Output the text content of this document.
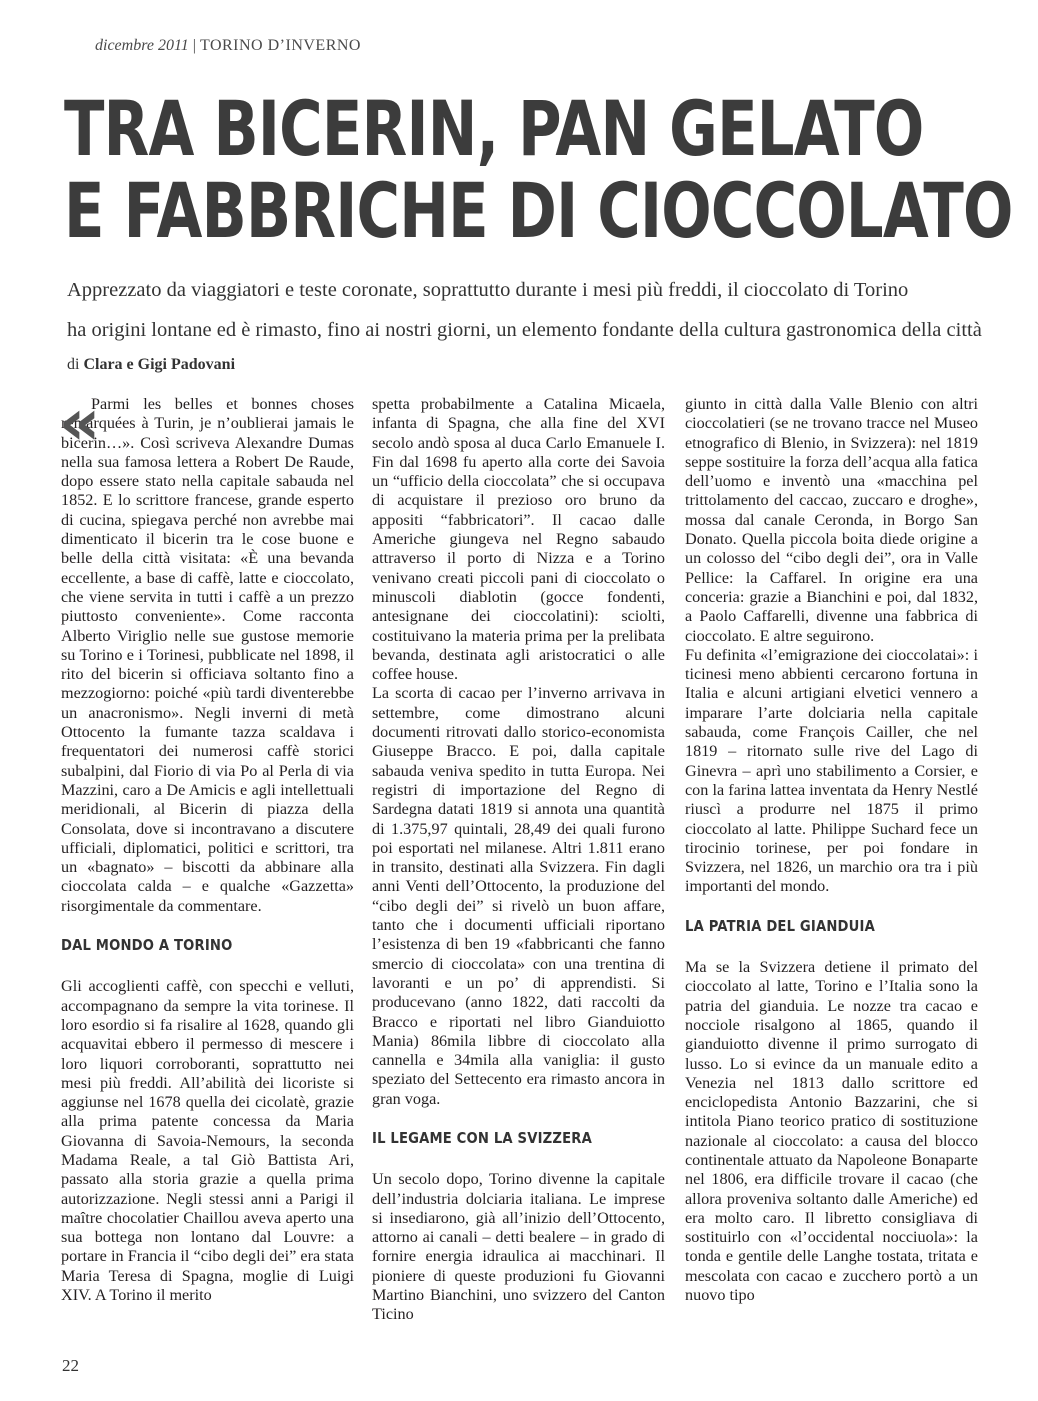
dicembre 2011 | TORINO D’INVERNO
TRA BICERIN, PAN GELATO
E FABBRICHE DI CIOCCOLATO
Apprezzato da viaggiatori e teste coronate, soprattutto durante i mesi più freddi, il cioccolato di Torino
ha origini lontane ed è rimasto, fino ai nostri giorni, un elemento fondante della cultura gastronomica della città
di Clara e Gigi Padovani
« Parmi les belles et bonnes choses remarquées à Turin, je n’oublierai jamais le bicerin…». Così scriveva Alexandre Dumas nella sua famosa lettera a Robert De Raude, dopo essere stato nella capitale sabauda nel 1852. E lo scrittore francese, grande esperto di cucina, spiegava perché non avrebbe mai dimenticato il bicerin tra le cose buone e belle della città visitata: «È una bevanda eccellente, a base di caffè, latte e cioccolato, che viene servita in tutti i caffè a un prezzo piuttosto conveniente». Come racconta Alberto Viriglio nelle sue gustose memorie su Torino e i Torinesi, pubblicate nel 1898, il rito del bicerin si officiava soltanto fino a mezzogiorno: poiché «più tardi diventerebbe un anacronismo». Negli inverni di metà Ottocento la fumante tazza scaldava i frequentatori dei numerosi caffè storici subalpini, dal Fiorio di via Po al Perla di via Mazzini, caro a De Amicis e agli intellettuali meridionali, al Bicerin di piazza della Consolata, dove si incontravano a discutere ufficiali, diplomatici, politici e scrittori, tra un «bagnato» – biscotti da abbinare alla cioccolata calda – e qualche «Gazzetta» risorgimentale da commentare.

DAL MONDO A TORINO

Gli accoglienti caffè, con specchi e velluti, accompagnano da sempre la vita torinese. Il loro esordio si fa risalire al 1628, quando gli acquavitai ebbero il permesso di mescere i loro liquori corroboranti, soprattutto nei mesi più freddi. All’abilità dei licoriste si aggiunse nel 1678 quella dei cicolatè, grazie alla prima patente concessa da Maria Giovanna di Savoia-Nemours, la seconda Madama Reale, a tal Giò Battista Ari, passato alla storia grazie a quella prima autorizzazione. Negli stessi anni a Parigi il maître chocolatier Chaillou aveva aperto una sua bottega non lontano dal Louvre: a portare in Francia il “cibo degli dei” era stata Maria Teresa di Spagna, moglie di Luigi XIV. A Torino il merito

spetta probabilmente a Catalina Micaela, infanta di Spagna, che alla fine del XVI secolo andò sposa al duca Carlo Emanuele I. Fin dal 1698 fu aperto alla corte dei Savoia un “ufficio della cioccolata” che si occupava di acquistare il prezioso oro bruno da appositi “fabbricatori”. Il cacao dalle Americhe giungeva nel Regno sabaudo attraverso il porto di Nizza e a Torino venivano creati piccoli pani di cioccolato o minuscoli diablotin (gocce fondenti, antesignane dei cioccolatini): sciolti, costituivano la materia prima per la prelibata bevanda, destinata agli aristocratici o alle coffee house.

La scorta di cacao per l’inverno arrivava in settembre, come dimostrano alcuni documenti ritrovati dallo storico-economista Giuseppe Bracco. E poi, dalla capitale sabauda veniva spedito in tutta Europa. Nei registri di importazione del Regno di Sardegna datati 1819 si annota una quantità di 1.375,97 quintali, 28,49 dei quali furono poi esportati nel milanese. Altri 1.811 erano in transito, destinati alla Svizzera. Fin dagli anni Venti dell’Ottocento, la produzione del “cibo degli dei” si rivelò un buon affare, tanto che i documenti ufficiali riportano l’esistenza di ben 19 «fabbricanti che fanno smercio di cioccolata» con una trentina di lavoranti e un po’ di apprendisti. Si producevano (anno 1822, dati raccolti da Bracco e riportati nel libro Gianduiotto Mania) 86mila libbre di cioccolato alla cannella e 34mila alla vaniglia: il gusto speziato del Settecento era rimasto ancora in gran voga.

IL LEGAME CON LA SVIZZERA

Un secolo dopo, Torino divenne la capitale dell’industria dolciaria italiana. Le imprese si insediarono, già all’inizio dell’Ottocento, attorno ai canali – detti bealere – in grado di fornire energia idraulica ai macchinari. Il pioniere di queste produzioni fu Giovanni Martino Bianchini, uno svizzero del Canton Ticino

giunto in città dalla Valle Blenio con altri cioccolatieri (se ne trovano tracce nel Museo etnografico di Blenio, in Svizzera): nel 1819 seppe sostituire la forza dell’acqua alla fatica dell’uomo e inventò una «macchina pel trittolamento del caccao, zuccaro e droghe», mossa dal canale Ceronda, in Borgo San Donato. Quella piccola boita diede origine a un colosso del “cibo degli dei”, ora in Valle Pellice: la Caffarel. In origine era una conceria: grazie a Bianchini e poi, dal 1832, a Paolo Caffarelli, divenne una fabbrica di cioccolato. E altre seguirono.

Fu definita «l’emigrazione dei cioccolatai»: i ticinesi meno abbienti cercarono fortuna in Italia e alcuni artigiani elvetici vennero a imparare l’arte dolciaria nella capitale sabauda, come François Cailler, che nel 1819 – ritornato sulle rive del Lago di Ginevra – aprì uno stabilimento a Corsier, e con la farina lattea inventata da Henry Nestlé riuscì a produrre nel 1875 il primo cioccolato al latte. Philippe Suchard fece un tirocinio torinese, per poi fondare in Svizzera, nel 1826, un marchio ora tra i più importanti del mondo.

LA PATRIA DEL GIANDUIA

Ma se la Svizzera detiene il primato del cioccolato al latte, Torino e l’Italia sono la patria del gianduia. Le nozze tra cacao e nocciole risalgono al 1865, quando il gianduiotto divenne il primo surrogato di lusso. Lo si evince da un manuale edito a Venezia nel 1813 dallo scrittore ed enciclopedista Antonio Bazzarini, che si intitola Piano teorico pratico di sostituzione nazionale al cioccolato: a causa del blocco continentale attuato da Napoleone Bonaparte nel 1806, era difficile trovare il cacao (che allora proveniva soltanto dalle Americhe) ed era molto caro. Il libretto consigliava di sostituirlo con «l’occidental nocciuola»: la tonda e gentile delle Langhe tostata, tritata e mescolata con cacao e zucchero portò a un nuovo tipo

22
